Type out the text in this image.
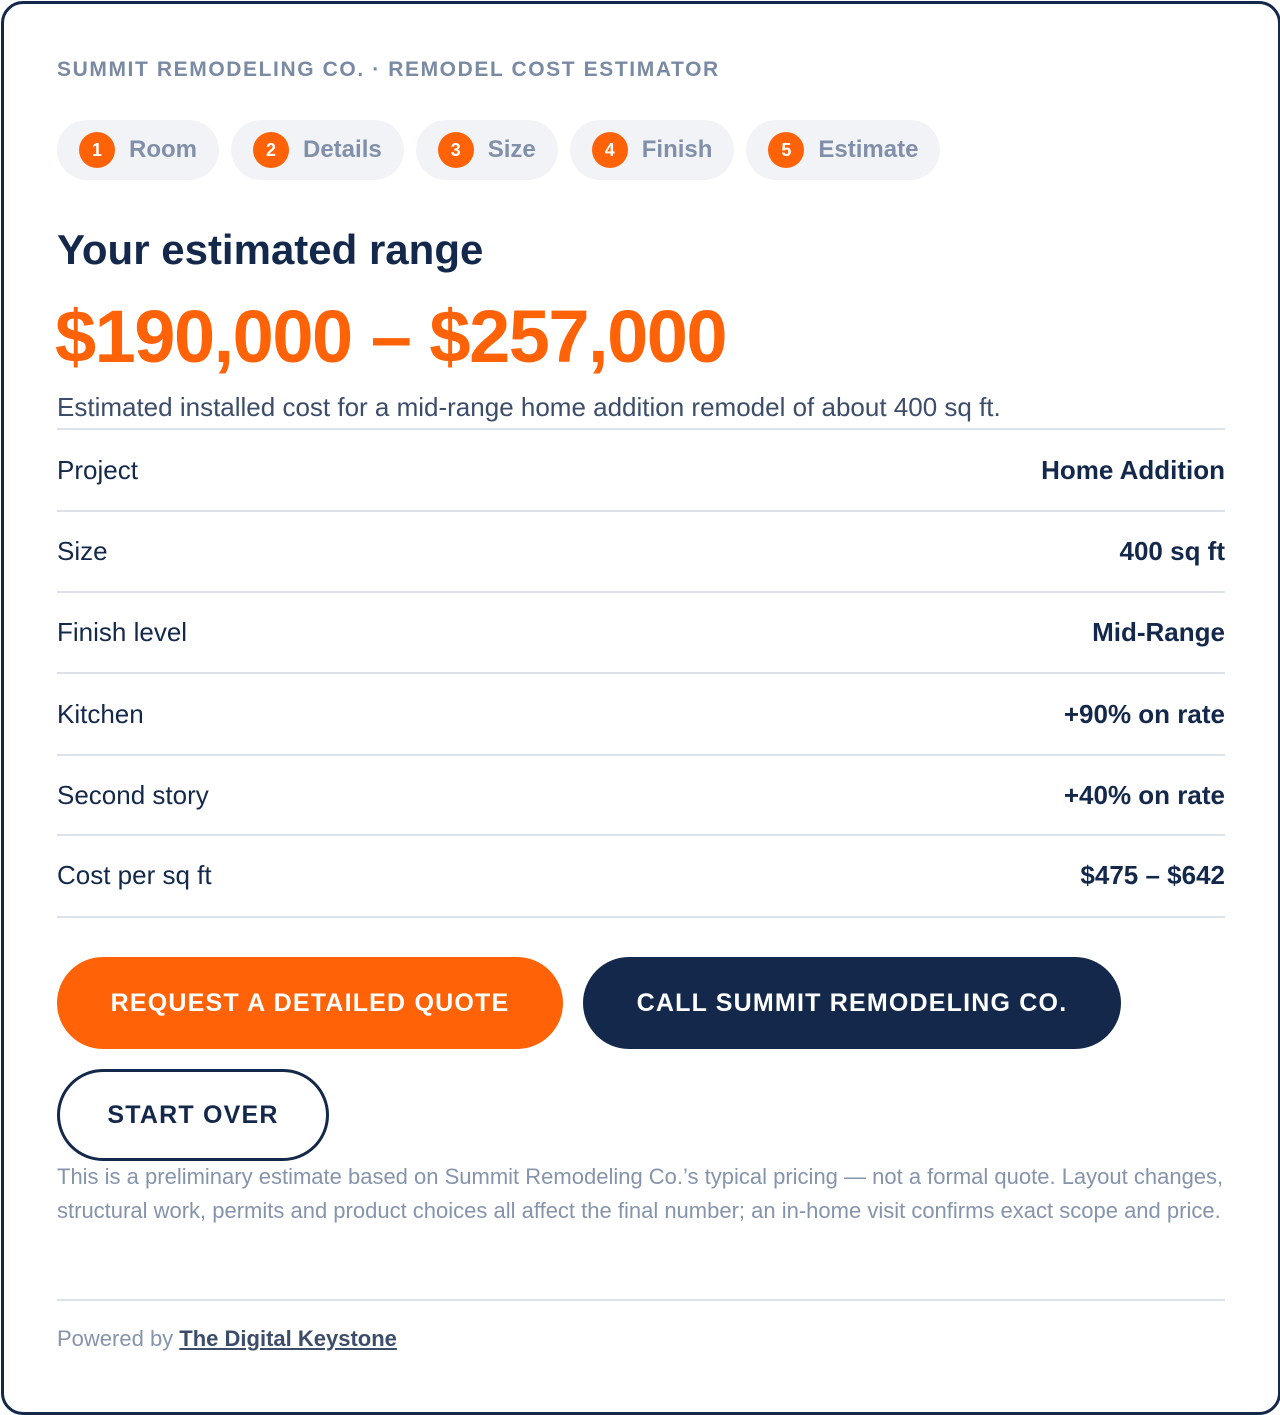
SUMMIT REMODELING CO. · REMODEL COST ESTIMATOR
1	Room	2	Details	3	Size	4	Finish	5	Estimate
Your estimated range
$190,000 – $257,000
Estimated installed cost for a mid-range home addition remodel of about 400 sq ft.
Project	Home Addition
Size	400 sq ft
Finish level	Mid-Range
Kitchen	+90% on rate
Second story	+40% on rate
Cost per sq ft	$475 – $642
REQUEST A DETAILED QUOTE	CALL SUMMIT REMODELING CO.
START OVER
This is a preliminary estimate based on Summit Remodeling Co.’s typical pricing — not a formal quote. Layout changes, structural work, permits and product choices all affect the final number; an in-home visit confirms exact scope and price.
Powered by The Digital Keystone
